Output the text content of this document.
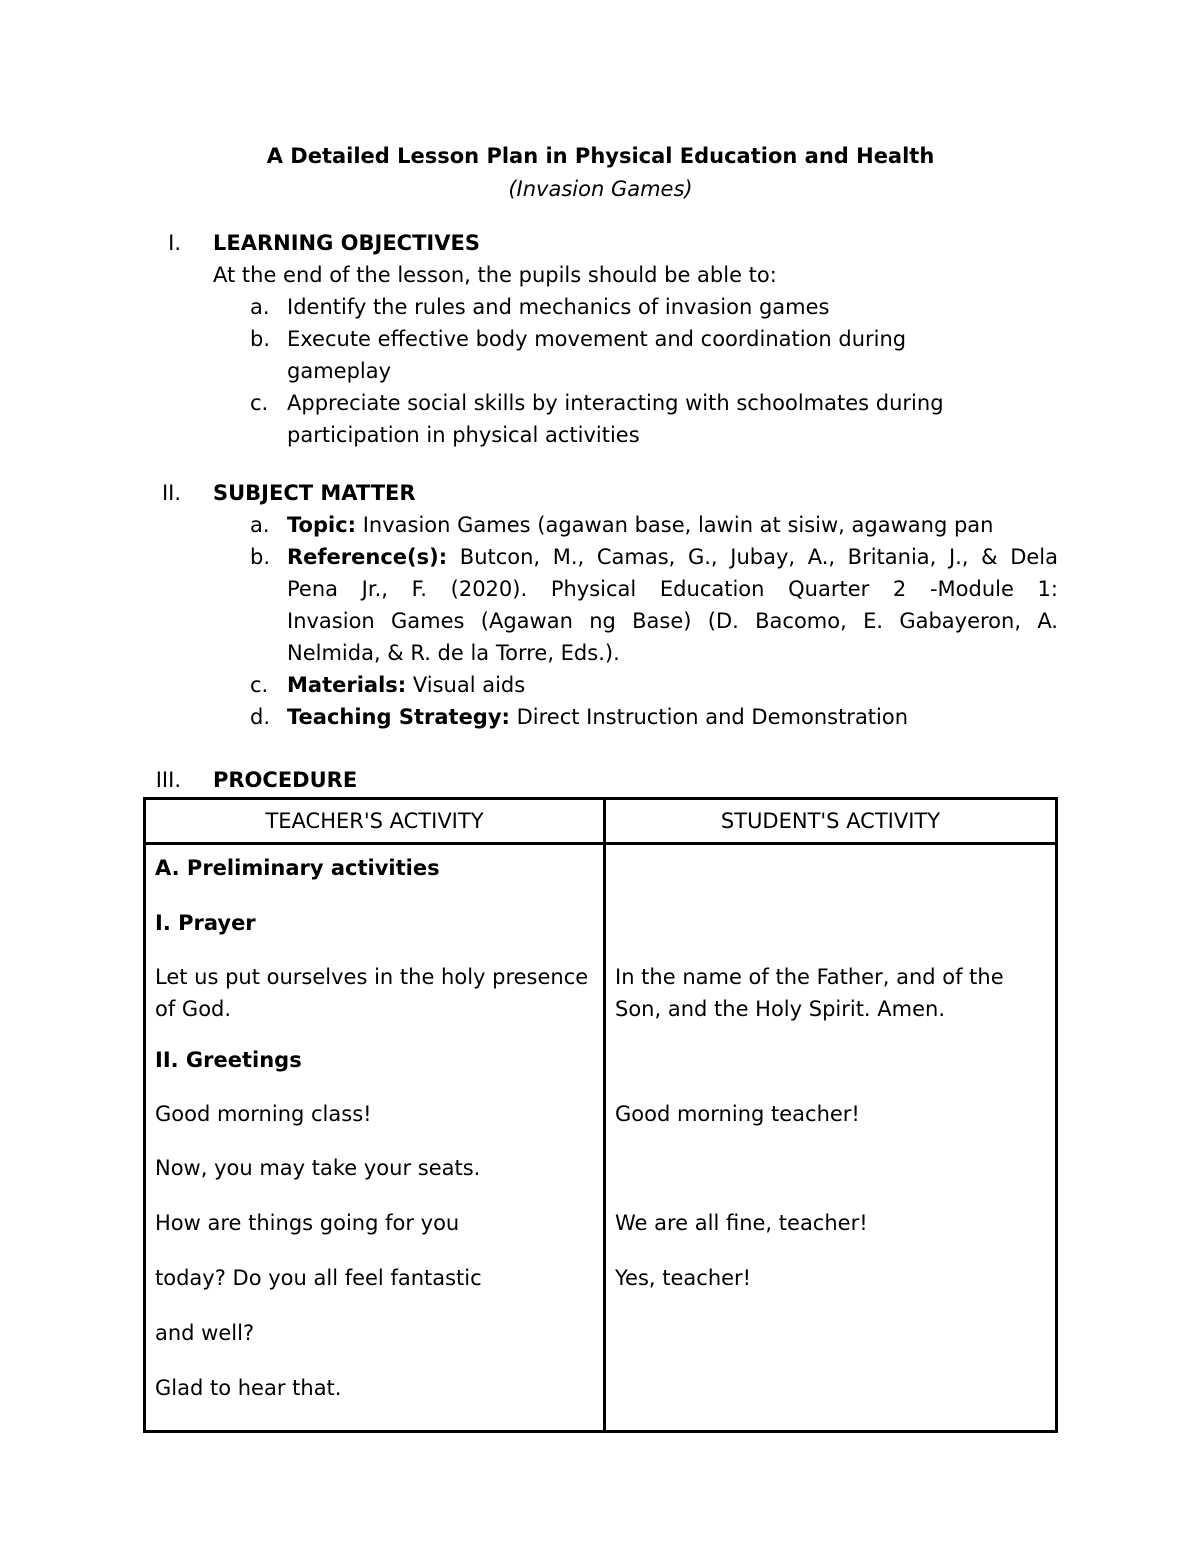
A Detailed Lesson Plan in Physical Education and Health
(Invasion Games)
I. LEARNING OBJECTIVES
At the end of the lesson, the pupils should be able to:
a. Identify the rules and mechanics of invasion games
b. Execute effective body movement and coordination during
gameplay
c. Appreciate social skills by interacting with schoolmates during
participation in physical activities
II. SUBJECT MATTER
a. Topic: Invasion Games (agawan base, lawin at sisiw, agawang pan
b. Reference(s): Butcon, M., Camas, G., Jubay, A., Britania, J., & Dela
Pena Jr., F. (2020). Physical Education Quarter 2 -Module 1:
Invasion Games (Agawan ng Base) (D. Bacomo, E. Gabayeron, A.
Nelmida, & R. de la Torre, Eds.).
c. Materials: Visual aids
d. Teaching Strategy: Direct Instruction and Demonstration
III. PROCEDURE
TEACHER'S ACTIVITY	STUDENT'S ACTIVITY

A. Preliminary activities

I. Prayer

Let us put ourselves in the holy presence of God.

II. Greetings

Good morning class!

Now, you may take your seats.

How are things going for you

today? Do you all feel fantastic

and well?

Glad to hear that.

In the name of the Father, and of the Son, and the Holy Spirit. Amen.

Good morning teacher!

We are all fine, teacher!

Yes, teacher!
